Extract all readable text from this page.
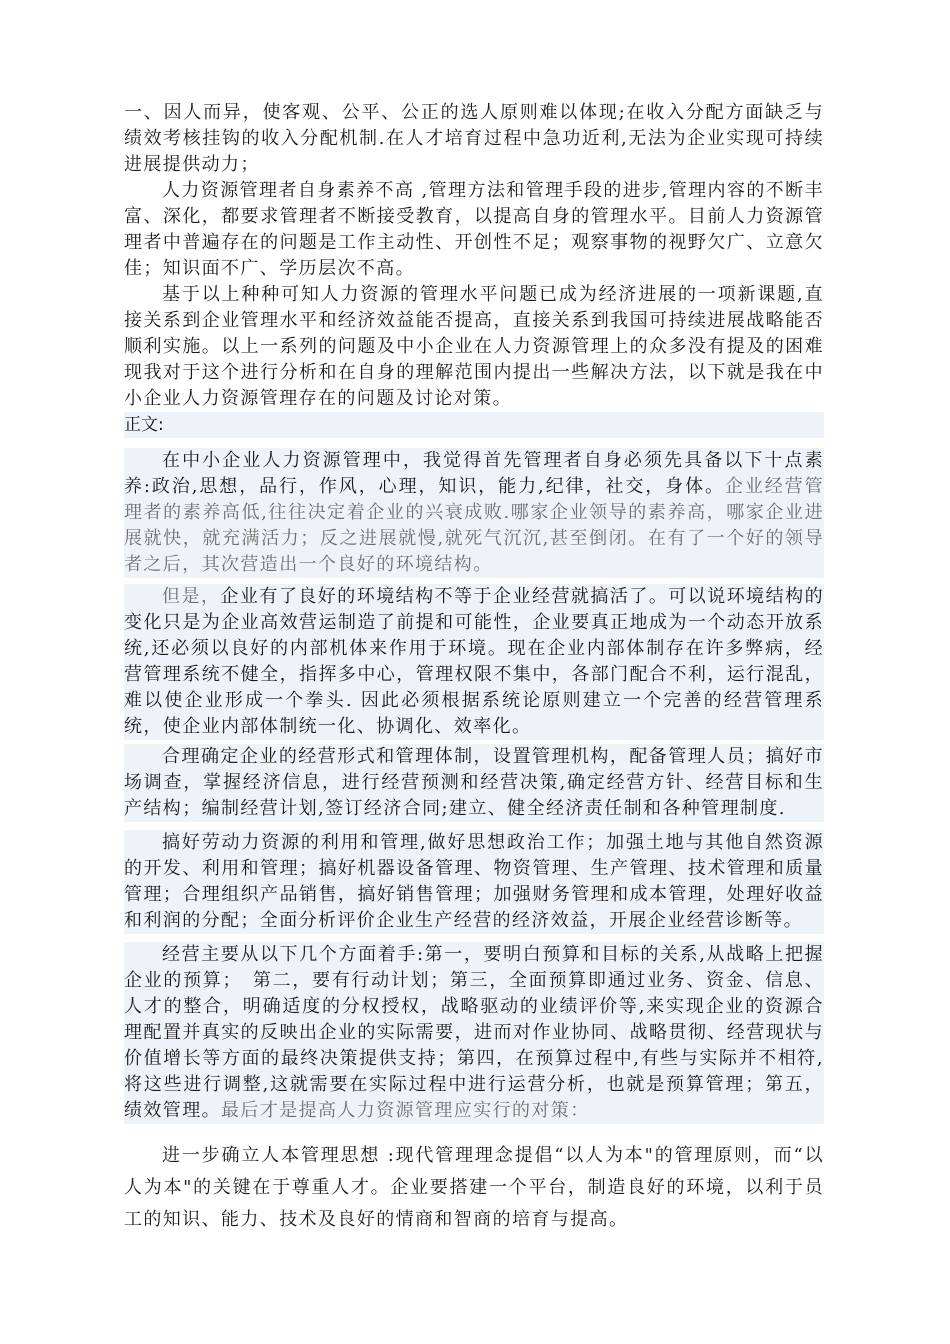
一、因人而异，使客观、公平、公正的选人原则难以体现;在收入分配方面缺乏与绩效考核挂钩的收入分配机制.在人才培育过程中急功近利,无法为企业实现可持续进展提供动力；

人力资源管理者自身素养不高 ,管理方法和管理手段的进步,管理内容的不断丰富、深化，都要求管理者不断接受教育，以提高自身的管理水平。目前人力资源管理者中普遍存在的问题是工作主动性、开创性不足；观察事物的视野欠广、立意欠佳；知识面不广、学历层次不高。

基于以上种种可知人力资源的管理水平问题已成为经济进展的一项新课题,直接关系到企业管理水平和经济效益能否提高，直接关系到我国可持续进展战略能否顺利实施。以上一系列的问题及中小企业在人力资源管理上的众多没有提及的困难现我对于这个进行分析和在自身的理解范围内提出一些解决方法，以下就是我在中小企业人力资源管理存在的问题及讨论对策。

正文:

在中小企业人力资源管理中，我觉得首先管理者自身必须先具备以下十点素养:政治,思想，品行，作风，心理，知识，能力,纪律，社交，身体。企业经营管理者的素养高低,往往决定着企业的兴衰成败.哪家企业领导的素养高，哪家企业进展就快，就充满活力；反之进展就慢,就死气沉沉,甚至倒闭。在有了一个好的领导者之后，其次营造出一个良好的环境结构。

但是，企业有了良好的环境结构不等于企业经营就搞活了。可以说环境结构的变化只是为企业高效营运制造了前提和可能性，企业要真正地成为一个动态开放系统,还必须以良好的内部机体来作用于环境。现在企业内部体制存在许多弊病，经营管理系统不健全，指挥多中心，管理权限不集中，各部门配合不利，运行混乱，难以使企业形成一个拳头. 因此必须根据系统论原则建立一个完善的经营管理系统，使企业内部体制统一化、协调化、效率化。

合理确定企业的经营形式和管理体制，设置管理机构，配备管理人员；搞好市场调查，掌握经济信息，进行经营预测和经营决策,确定经营方针、经营目标和生产结构；编制经营计划,签订经济合同;建立、健全经济责任制和各种管理制度.

搞好劳动力资源的利用和管理,做好思想政治工作；加强土地与其他自然资源的开发、利用和管理；搞好机器设备管理、物资管理、生产管理、技术管理和质量管理；合理组织产品销售，搞好销售管理；加强财务管理和成本管理，处理好收益和利润的分配；全面分析评价企业生产经营的经济效益，开展企业经营诊断等。

经营主要从以下几个方面着手:第一，要明白预算和目标的关系,从战略上把握企业的预算；　第二，要有行动计划；第三，全面预算即通过业务、资金、信息、人才的整合，明确适度的分权授权，战略驱动的业绩评价等,来实现企业的资源合理配置并真实的反映出企业的实际需要，进而对作业协同、战略贯彻、经营现状与价值增长等方面的最终决策提供支持；第四，在预算过程中,有些与实际并不相符,将这些进行调整,这就需要在实际过程中进行运营分析，也就是预算管理；第五，绩效管理。最后才是提高人力资源管理应实行的对策：

进一步确立人本管理思想 :现代管理理念提倡“以人为本"的管理原则，而“以人为本"的关键在于尊重人才。企业要搭建一个平台，制造良好的环境，以利于员工的知识、能力、技术及良好的情商和智商的培育与提高。
